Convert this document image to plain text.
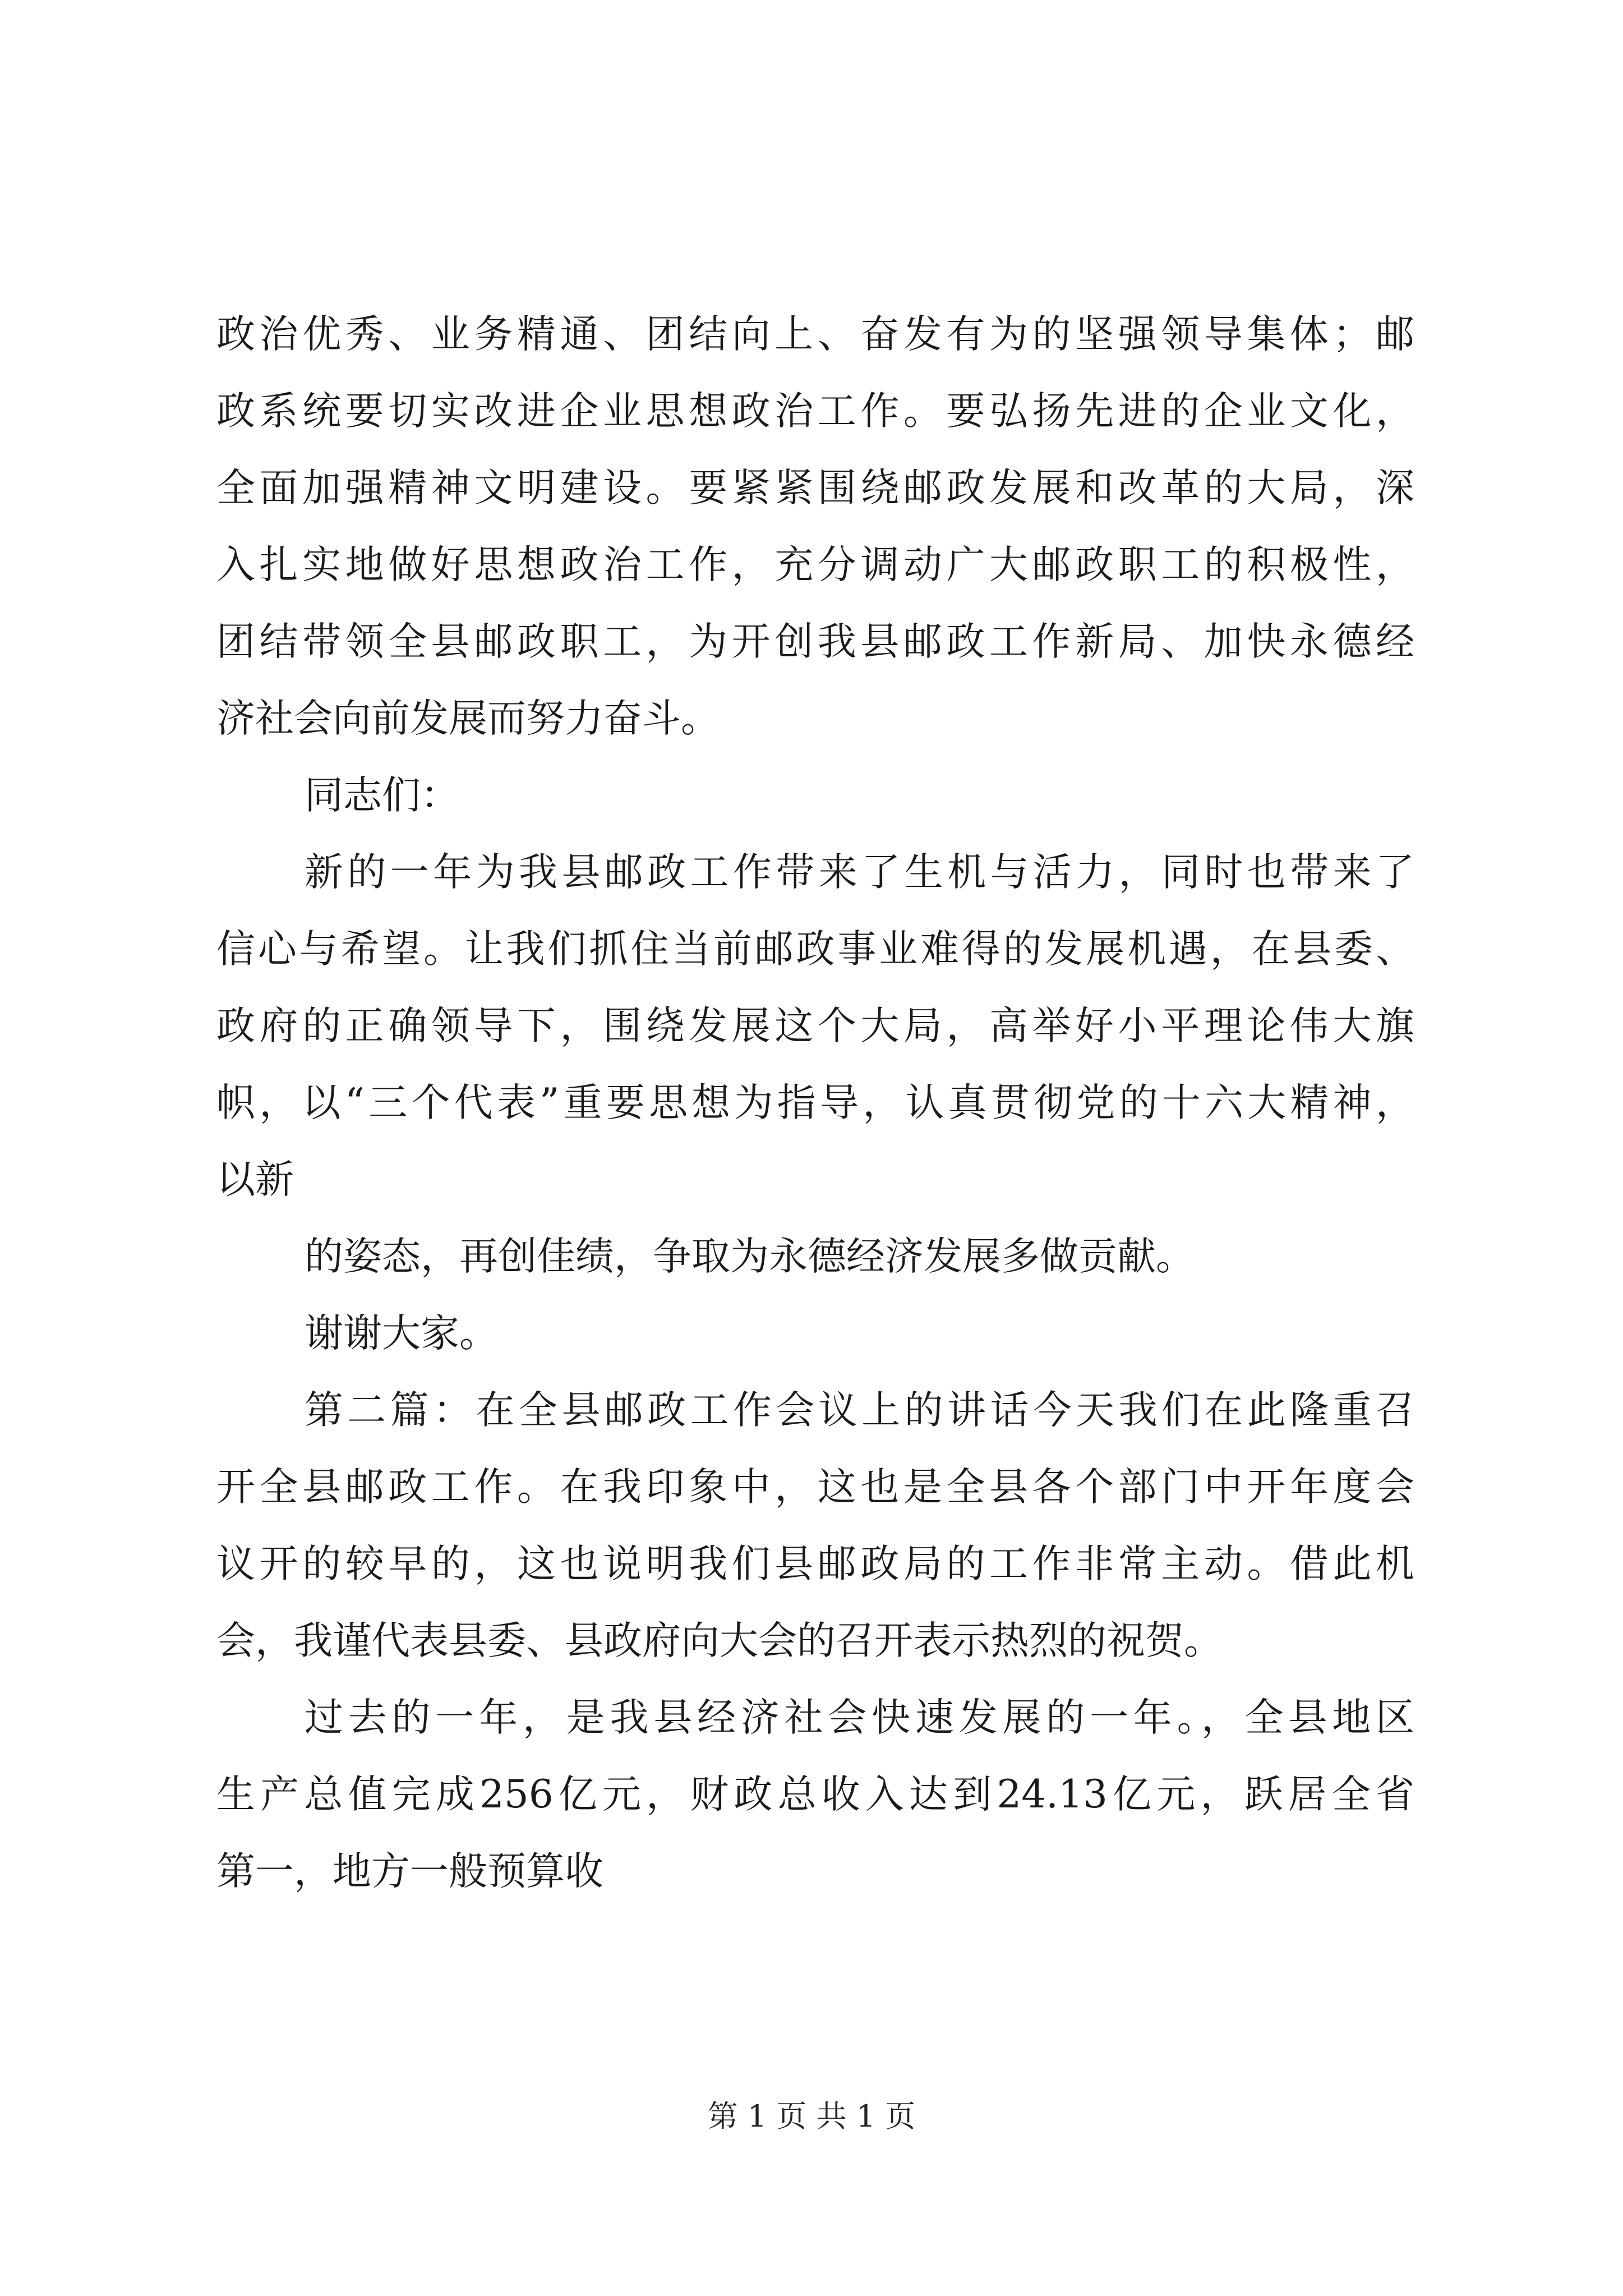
政治优秀、业务精通、团结向上、奋发有为的坚强领导集体；邮
政系统要切实改进企业思想政治工作。要弘扬先进的企业文化，
全面加强精神文明建设。要紧紧围绕邮政发展和改革的大局，深
入扎实地做好思想政治工作，充分调动广大邮政职工的积极性，
团结带领全县邮政职工，为开创我县邮政工作新局、加快永德经
济社会向前发展而努力奋斗。
同志们：
新的一年为我县邮政工作带来了生机与活力，同时也带来了
信心与希望。让我们抓住当前邮政事业难得的发展机遇，在县委、
政府的正确领导下，围绕发展这个大局，高举好小平理论伟大旗
帜，以“三个代表”重要思想为指导，认真贯彻党的十六大精神，
以新
的姿态，再创佳绩，争取为永德经济发展多做贡献。
谢谢大家。
第二篇：在全县邮政工作会议上的讲话今天我们在此隆重召
开全县邮政工作。在我印象中，这也是全县各个部门中开年度会
议开的较早的，这也说明我们县邮政局的工作非常主动。借此机
会，我谨代表县委、县政府向大会的召开表示热烈的祝贺。
过去的一年，是我县经济社会快速发展的一年。，全县地区
生产总值完成256亿元，财政总收入达到24.13亿元，跃居全省
第一，地方一般预算收
第 1 页 共 1 页
